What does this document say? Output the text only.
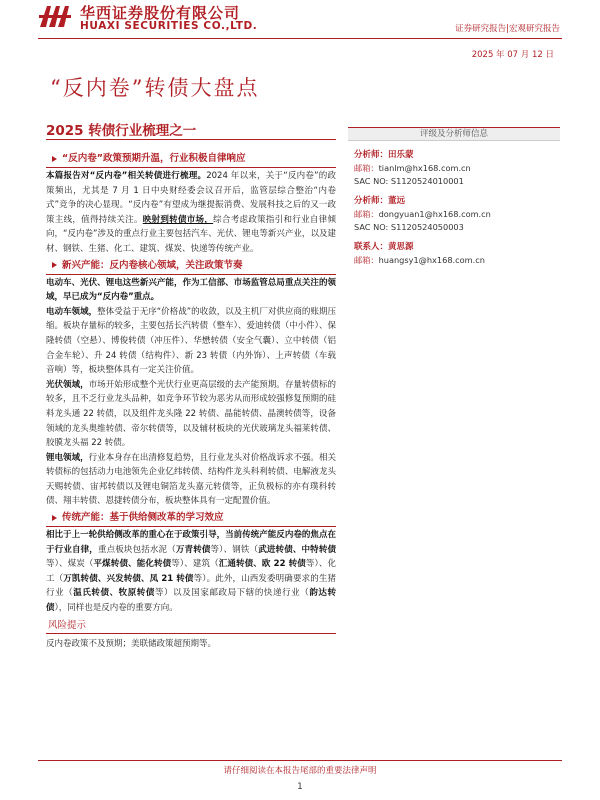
华西证券股份有限公司
HUAXI SECURITIES CO.,LTD.	证券研究报告|宏观研究报告
2025 年 07 月 12 日
“反内卷”转债大盘点
2025 转债行业梳理之一
“反内卷”政策预期升温，行业积极自律响应

本篇报告对“反内卷”相关转债进行梳理。2024 年以来，关于“反内卷”的政策频出，尤其是 7 月 1 日中央财经委会议召开后，监管层综合整治“内卷式”竞争的决心显现。“反内卷”有望成为继提振消费、发展科技之后的又一政策主线，值得持续关注。映射到转债市场，综合考虑政策指引和行业自律倾向，“反内卷”涉及的重点行业主要包括汽车、光伏、锂电等新兴产业，以及建材、钢铁、生猪、化工、建筑、煤炭、快递等传统产业。

新兴产能：反内卷核心领域，关注政策节奏

电动车、光伏、锂电这些新兴产能，作为工信部、市场监管总局重点关注的领域，早已成为“反内卷”重点。

电动车领域，整体受益于无序“价格战”的收敛，以及主机厂对供应商的账期压缩。板块存量标的较多，主要包括长汽转债（整车）、爱迪转债（中小件）、保隆转债（空悬）、博俊转债（冲压件）、华懋转债（安全气囊）、立中转债（铝合金车轮）、升 24 转债（结构件）、新 23 转债（内外饰）、上声转债（车载音响）等，板块整体具有一定关注价值。

光伏领域，市场开始形成整个光伏行业更高层级的去产能预期。存量转债标的较多，且不乏行业龙头品种，如竞争环节较为恶劣从而形成较强修复预期的硅料龙头通 22 转债，以及组件龙头隆 22 转债、晶能转债、晶澳转债等，设备领域的龙头奥维转债、帝尔转债等，以及辅材板块的光伏玻璃龙头福莱转债、胶膜龙头福 22 转债。

锂电领域，行业本身存在出清修复趋势，且行业龙头对价格战诉求不强。相关转债标的包括动力电池领先企业亿纬转债、结构件龙头科利转债、电解液龙头天赐转债、宙邦转债以及锂电铜箔龙头嘉元转债等，正负极标的亦有璞科转债、翔丰转债、恩捷转债分布，板块整体具有一定配置价值。

传统产能：基于供给侧改革的学习效应

相比于上一轮供给侧改革的重心在于政策引导，当前传统产能反内卷的焦点在于行业自律，重点板块包括水泥（万青转债等）、钢铁（武进转债、中特转债等）、煤炭（平煤转债、能化转债等）、建筑（汇通转债、欧 22 转债等）、化工（万凯转债、兴发转债、凤 21 转债等）。此外，山西发委明确要求的生猪行业（温氏转债、牧原转债等）以及国家邮政局下辖的快递行业（韵达转债），同样也是反内卷的重要方向。

风险提示

反内卷政策不及预期；美联储政策超预期等。

评级及分析师信息
分析师：田乐蒙
邮箱：tianlm@hx168.com.cn
SAC NO: S1120524010001
分析师：董远
邮箱：dongyuan1@hx168.com.cn
SAC NO: S1120524050003
联系人：黄思源
邮箱：huangsy1@hx168.com.cn
请仔细阅读在本报告尾部的重要法律声明
1
